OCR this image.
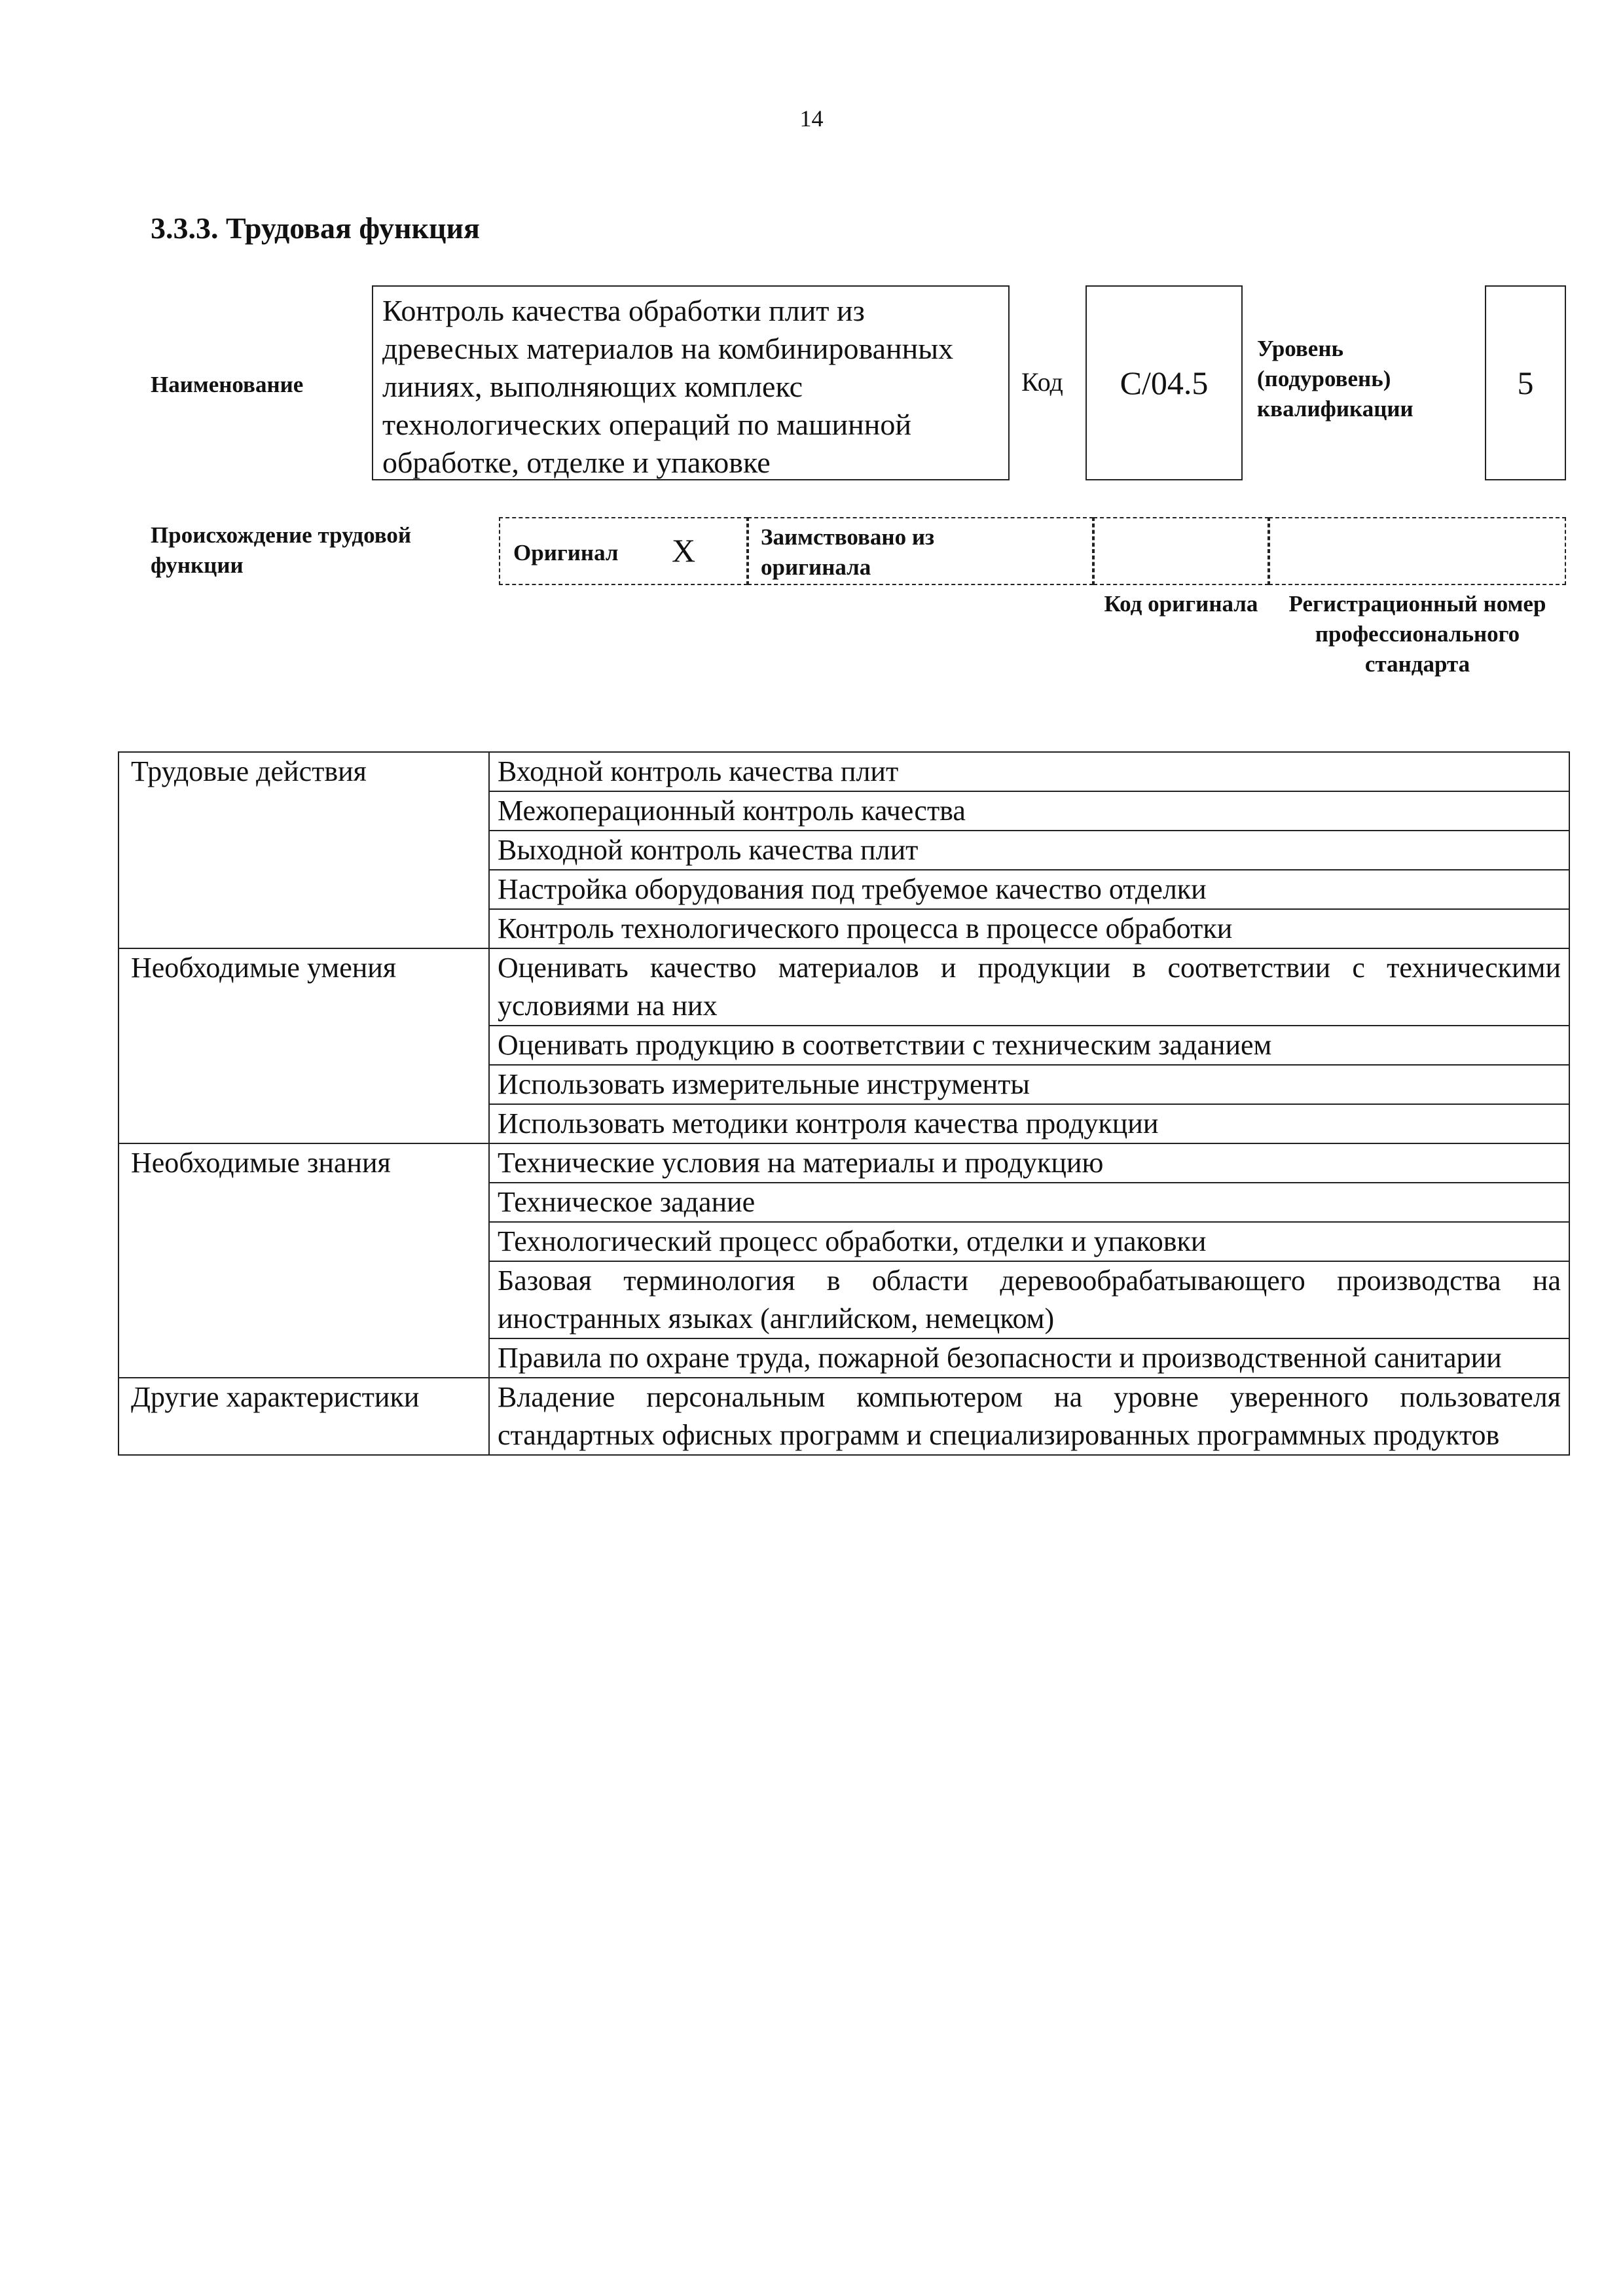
14
3.3.3. Трудовая функция
Наименование
Контроль качества обработки плит из древесных материалов на комбинированных линиях, выполняющих комплекс технологических операций по машинной обработке, отделке и упаковке
Код	C/04.5
Уровень (подуровень) квалификации
5
Происхождение трудовой функции	Оригинал X	Заимствовано из оригинала
Код оригинала	Регистрационный номер профессионального стандарта
Трудовые действия	Входной контроль качества плит
	Межоперационный контроль качества
	Выходной контроль качества плит
	Настройка оборудования под требуемое качество отделки
	Контроль технологического процесса в процессе обработки
Необходимые умения	Оценивать качество материалов и продукции в соответствии с техническими условиями на них
	Оценивать продукцию в соответствии с техническим заданием
	Использовать измерительные инструменты
	Использовать методики контроля качества продукции
Необходимые знания	Технические условия на материалы и продукцию
	Техническое задание
	Технологический процесс обработки, отделки и упаковки
	Базовая терминология в области деревообрабатывающего производства на иностранных языках (английском, немецком)
	Правила по охране труда, пожарной безопасности и производственной санитарии
Другие характеристики	Владение персональным компьютером на уровне уверенного пользователя стандартных офисных программ и специализированных программных продуктов
